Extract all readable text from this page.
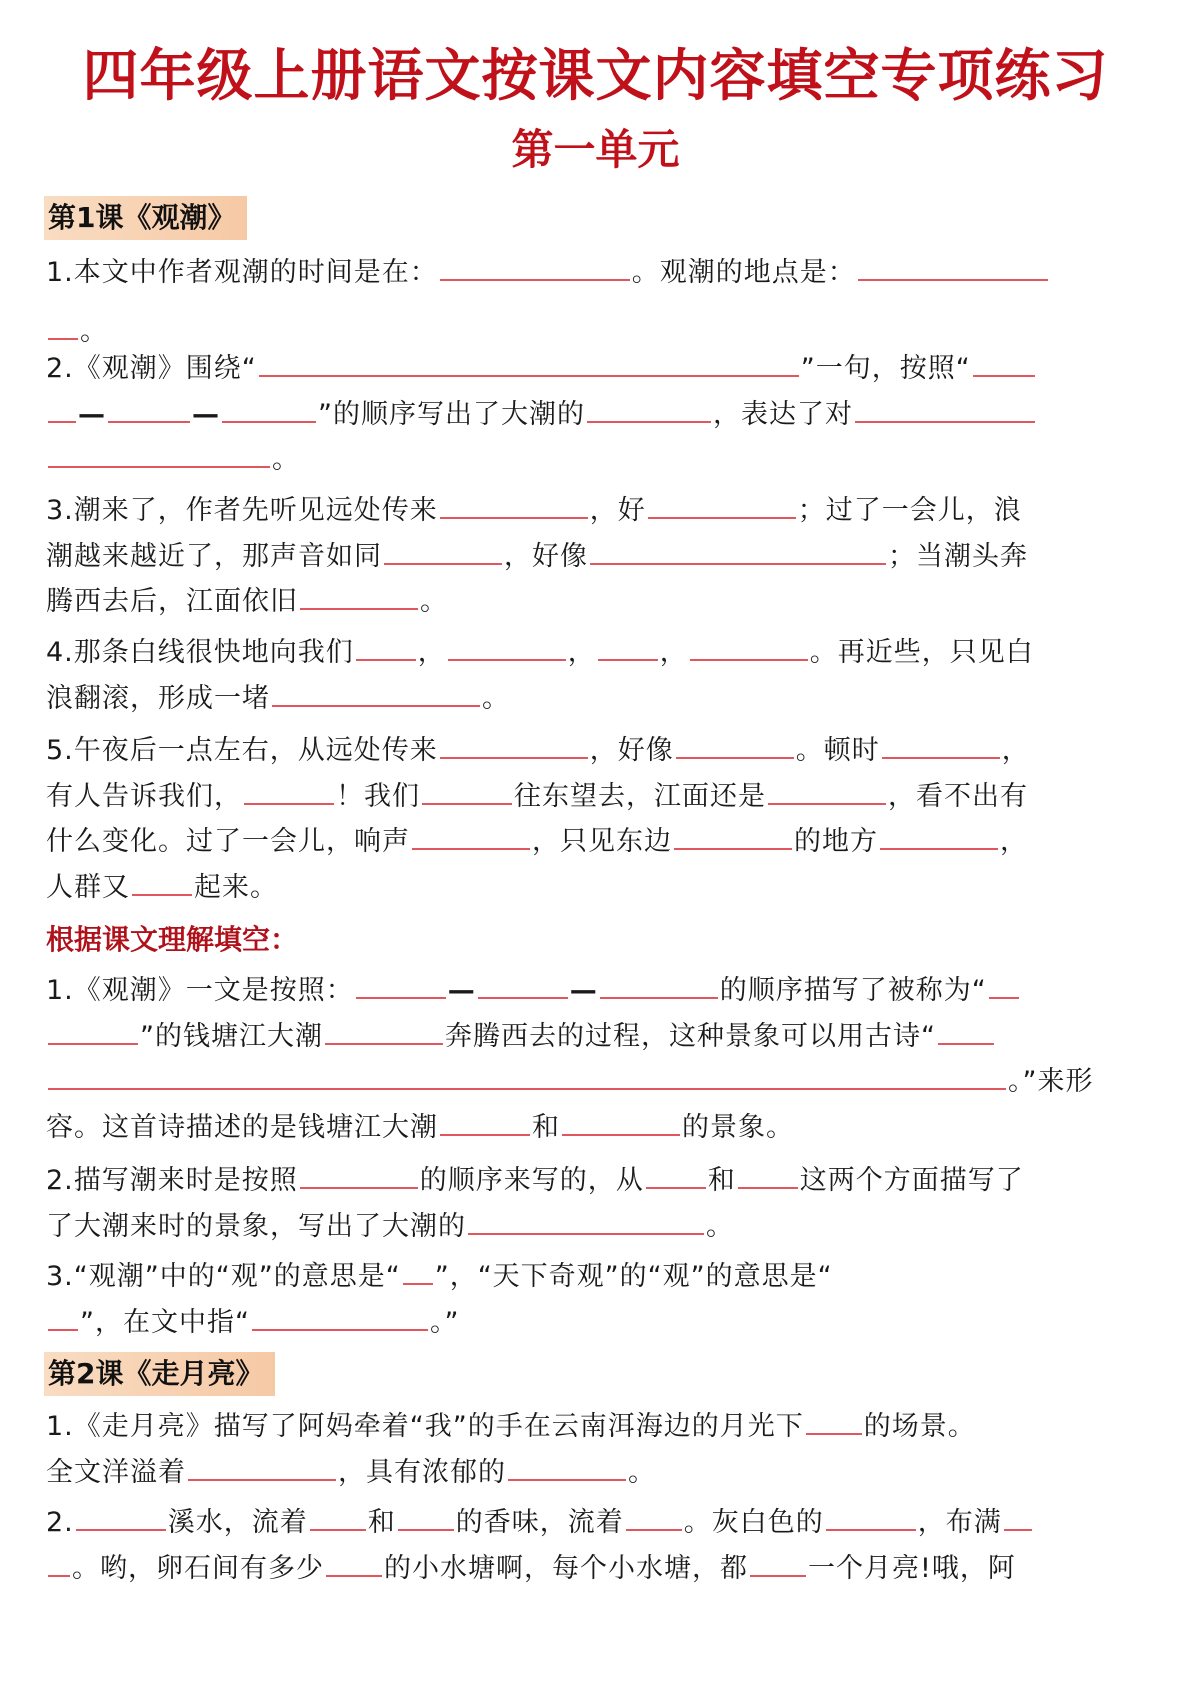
四年级上册语文按课文内容填空专项练习
第一单元
第1课《观潮》
1.本文中作者观潮的时间是在：	。观潮的地点是：
。
2.《观潮》围绕“	”一句，按照“
—	—	”的顺序写出了大潮的	，表达了对
。
3.潮来了，作者先听见远处传来	，好	；过了一会儿，浪
潮越来越近了，那声音如同	，好像	；当潮头奔
腾西去后，江面依旧	。
4.那条白线很快地向我们 ，	， ，	。再近些，只见白
浪翻滚，形成一堵	。
5.午夜后一点左右，从远处传来	，好像	。顿时	，
有人告诉我们，	！我们	往东望去，江面还是	，看不出有
什么变化。过了一会儿，响声	，只见东边	的地方	，
人群又 起来。
根据课文理解填空：
1.《观潮》一文是按照：	—	—	的顺序描写了被称为“
”的钱塘江大潮	奔腾西去的过程，这种景象可以用古诗“
。”来形
容。这首诗描述的是钱塘江大潮	和	的景象。
2.描写潮来时是按照	的顺序来写的，从 和 这两个方面描写了
了大潮来时的景象，写出了大潮的	。
3.“观潮”中的“观”的意思是“ ”，“天下奇观”的“观”的意思是“
”，在文中指“	。”
第2课《走月亮》
1.《走月亮》描写了阿妈牵着“我”的手在云南洱海边的月光下 的场景。
全文洋溢着	，具有浓郁的	。
2.	溪水，流着 和 的香味，流着 。灰白色的	，布满
。哟，卵石间有多少 的小水塘啊，每个小水塘，都 一个月亮!哦，阿
